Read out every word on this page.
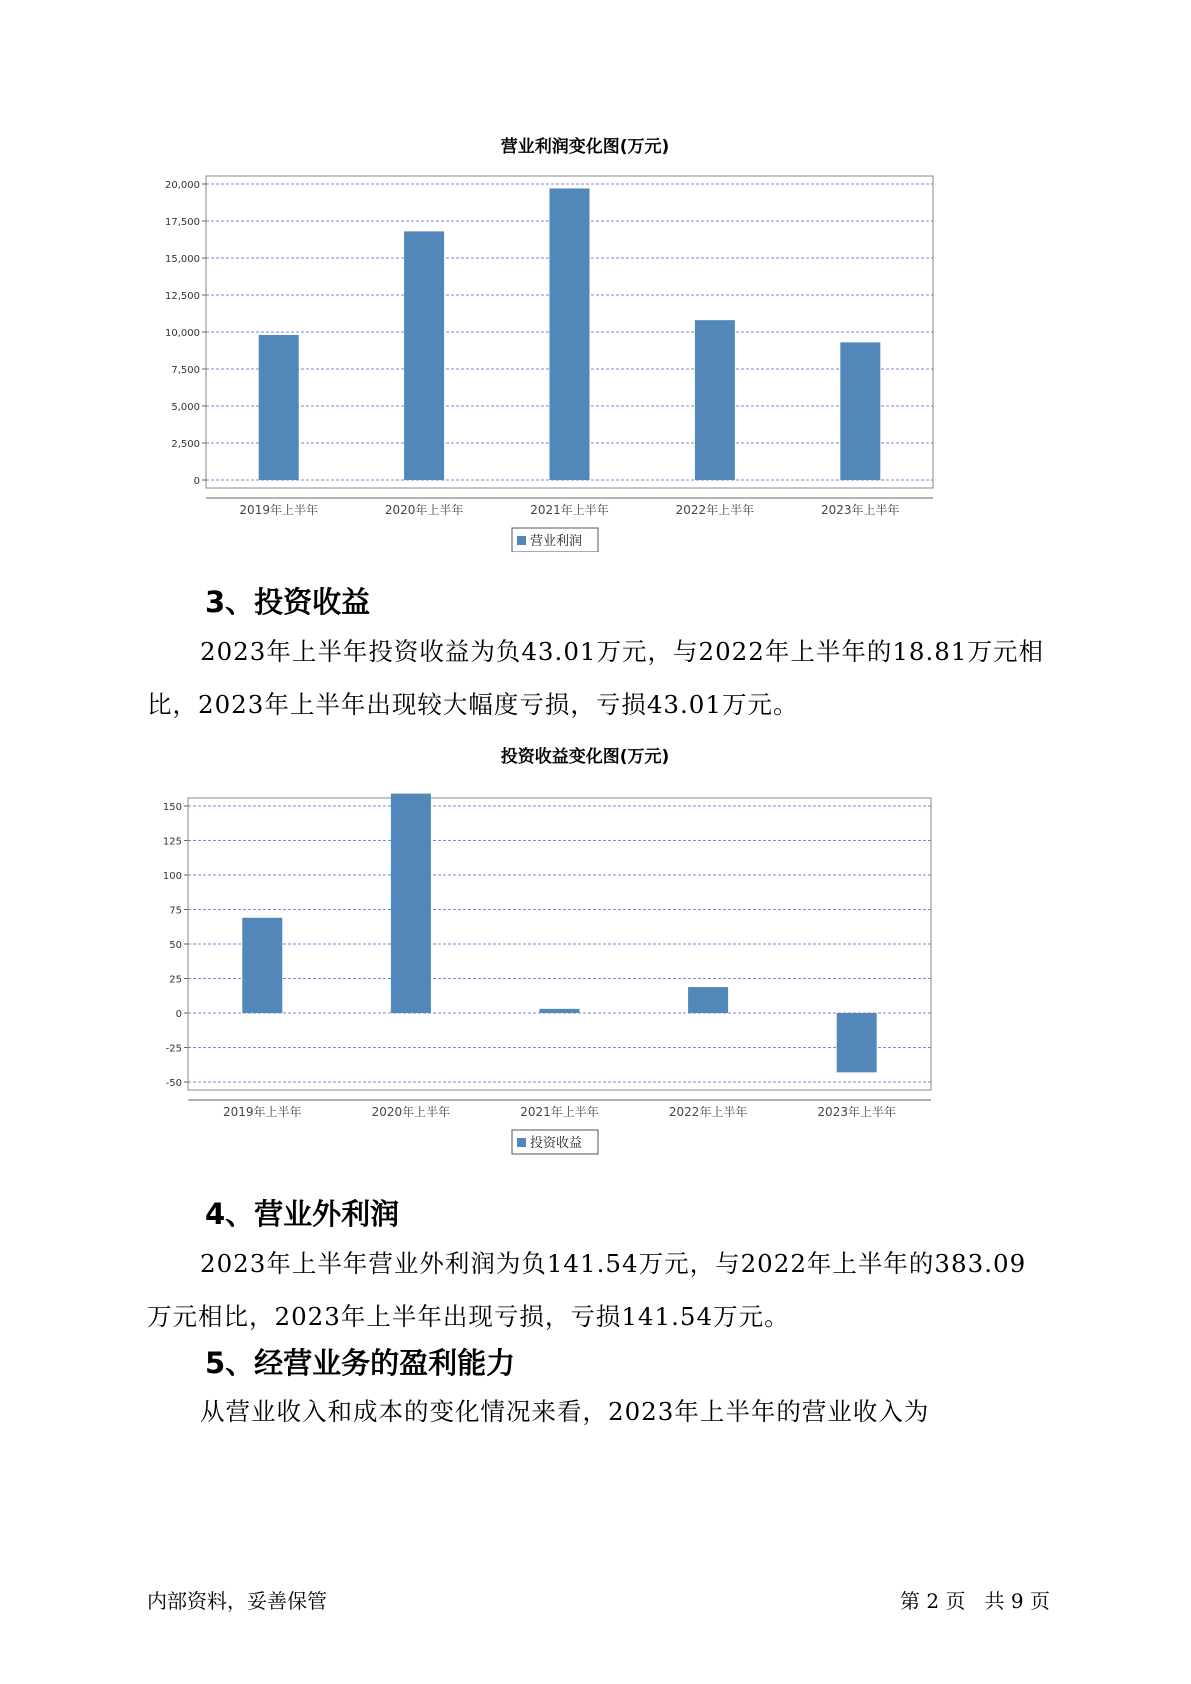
营业利润变化图(万元)
0
2,500
5,000
7,500
10,000
12,500
15,000
17,500
20,000
2019年上半年	2020年上半年	2021年上半年	2022年上半年	2023年上半年
营业利润
3、投资收益

2023年上半年投资收益为负43.01万元，与2022年上半年的18.81万元相比，2023年上半年出现较大幅度亏损，亏损43.01万元。

投资收益变化图(万元)
-50
-25
0
25
50
75
100
125
150
2019年上半年	2020年上半年	2021年上半年	2022年上半年	2023年上半年
投资收益
4、营业外利润

2023年上半年营业外利润为负141.54万元，与2022年上半年的383.09万元相比，2023年上半年出现亏损，亏损141.54万元。

5、经营业务的盈利能力

从营业收入和成本的变化情况来看，2023年上半年的营业收入为

内部资料，妥善保管	第 2 页   共 9 页
